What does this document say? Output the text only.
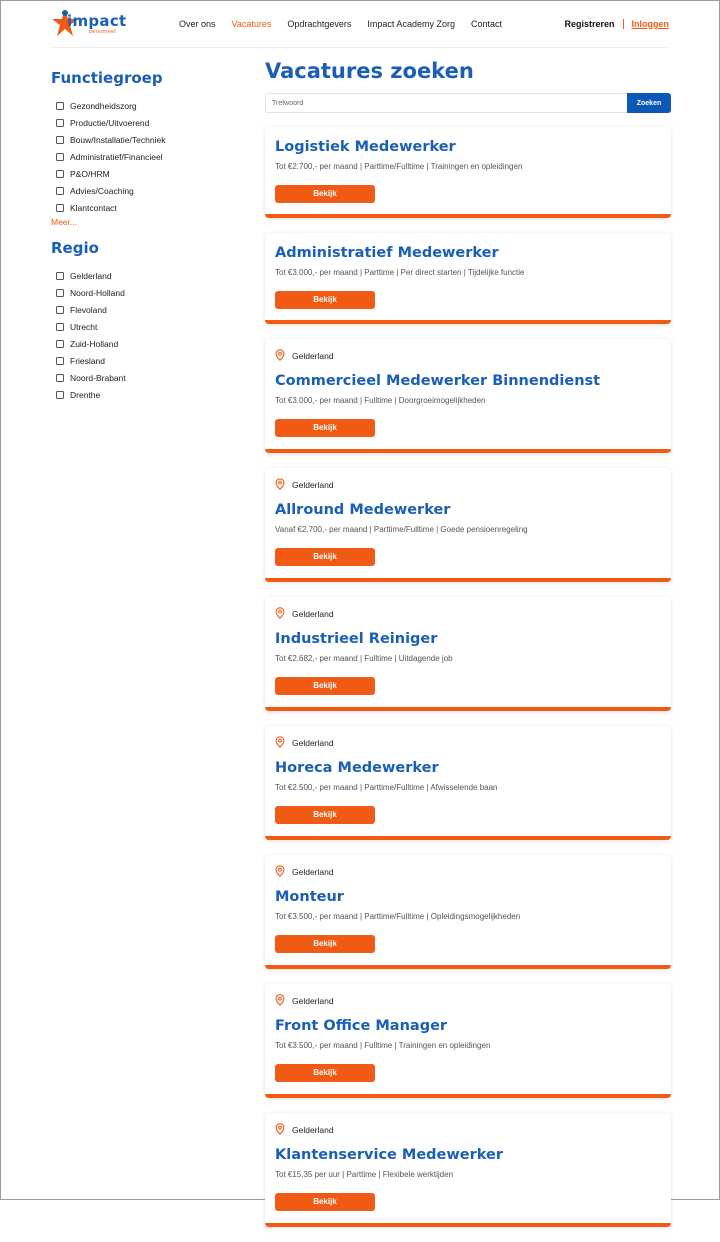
impact
personeel
Over ons Vacatures Opdrachtgevers Impact Academy Zorg Contact	Registreren Inloggen
Functiegroep
Gezondheidszorg
Productie/Uitvoerend
Bouw/Installatie/Techniek
Administratief/Financieel
P&O/HRM
Advies/Coaching
Klantcontact
Meer...
Regio
Gelderland
Noord-Holland
Flevoland
Utrecht
Zuid-Holland
Friesland
Noord-Brabant
Drenthe
Vacatures zoeken
Trefwoord
Zoeken
Logistiek Medewerker
Tot €2.700,- per maand | Parttime/Fulltime | Trainingen en opleidingen
Bekijk
Administratief Medewerker
Tot €3.000,- per maand | Parttime | Per direct starten | Tijdelijke functie
Bekijk
Gelderland
Commercieel Medewerker Binnendienst
Tot €3.000,- per maand | Fulltime | Doorgroeimogelijkheden
Bekijk
Gelderland
Allround Medewerker
Vanaf €2.700,- per maand | Parttime/Fulltime | Goede pensioenregeling
Bekijk
Gelderland
Industrieel Reiniger
Tot €2.682,- per maand | Fulltime | Uitdagende job
Bekijk
Gelderland
Horeca Medewerker
Tot €2.500,- per maand | Parttime/Fulltime | Afwisselende baan
Bekijk
Gelderland
Monteur
Tot €3.500,- per maand | Parttime/Fulltime | Opleidingsmogelijkheden
Bekijk
Gelderland
Front Office Manager
Tot €3.500,- per maand | Fulltime | Trainingen en opleidingen
Bekijk
Gelderland
Klantenservice Medewerker
Tot €15,35 per uur | Parttime | Flexibele werktijden
Bekijk
